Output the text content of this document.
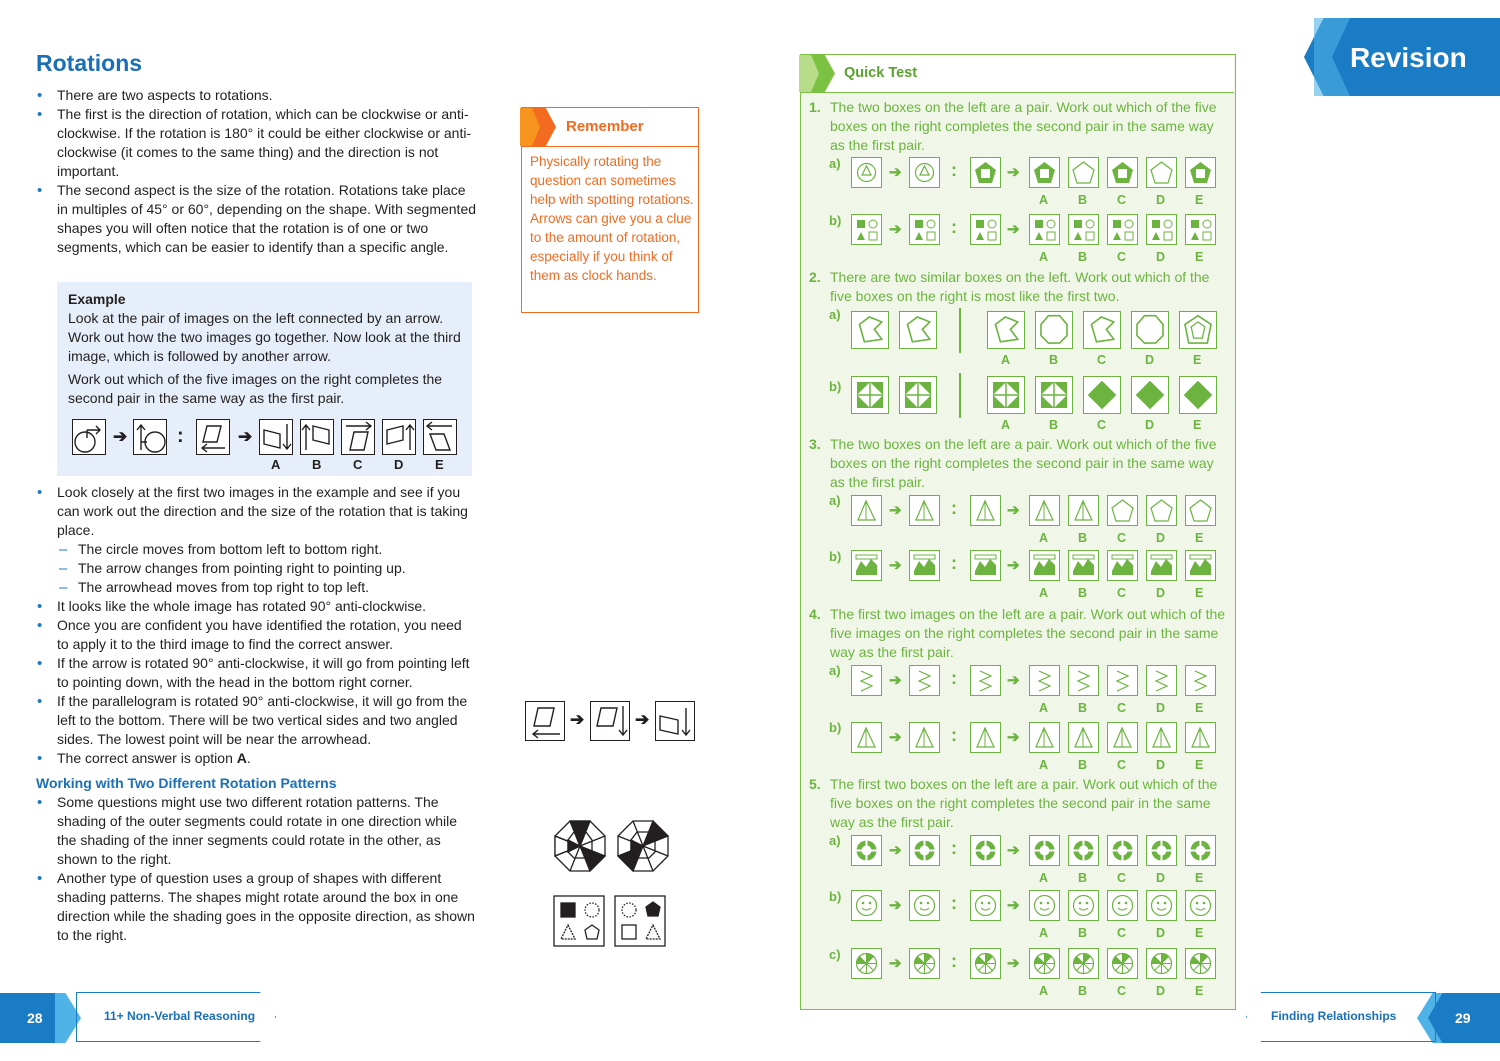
Rotations
• There are two aspects to rotations.
• The first is the direction of rotation, which can be clockwise or anti-clockwise. If the rotation is 180° it could be either clockwise or anti-clockwise (it comes to the same thing) and the direction is not important.
• The second aspect is the size of the rotation. Rotations take place in multiples of 45° or 60°, depending on the shape. With segmented shapes you will often notice that the rotation is of one or two segments, which can be easier to identify than a specific angle.
Example
Look at the pair of images on the left connected by an arrow. Work out how the two images go together. Now look at the third image, which is followed by another arrow.
Work out which of the five images on the right completes the second pair in the same way as the first pair.
➔ :	➔
A B C D E
• Look closely at the first two images in the example and see if you can work out the direction and the size of the rotation that is taking place.
– The circle moves from bottom left to bottom right.
– The arrow changes from pointing right to pointing up.
– The arrowhead moves from top right to top left.
• It looks like the whole image has rotated 90° anti-clockwise.
• Once you are confident you have identified the rotation, you need to apply it to the third image to find the correct answer.
• If the arrow is rotated 90° anti-clockwise, it will go from pointing left to pointing down, with the head in the bottom right corner.
• If the parallelogram is rotated 90° anti-clockwise, it will go from the left to the bottom. There will be two vertical sides and two angled sides. The lowest point will be near the arrowhead.
• The correct answer is option A.
Working with Two Different Rotation Patterns
• Some questions might use two different rotation patterns. The shading of the outer segments could rotate in one direction while the shading of the inner segments could rotate in the other, as shown to the right.
• Another type of question uses a group of shapes with different shading patterns. The shapes might rotate around the box in one direction while the shading goes in the opposite direction, as shown to the right.
Remember
Physically rotating the question can sometimes help with spotting rotations. Arrows can give you a clue to the amount of rotation, especially if you think of them as clock hands.
➔	➔
Revision
Quick Test
1. The two boxes on the left are a pair. Work out which of the five boxes on the right completes the second pair in the same way as the first pair.
a)
b)
2. There are two similar boxes on the left. Work out which of the five boxes on the right is most like the first two.
a)
b)
3. The two boxes on the left are a pair. Work out which of the five boxes on the right completes the second pair in the same way as the first pair.
a)
b)
4. The first two images on the left are a pair. Work out which of the five images on the right completes the second pair in the same way as the first pair.
a)
b)
5. The first two boxes on the left are a pair. Work out which of the five boxes on the right completes the second pair in the same way as the first pair.
a)
b)
c)
➔	:	➔
A B C D E
➔	:	➔
A B C D E
A	B	C	D	E
A	B	C	D	E
➔	:	➔
A B C D E
➔	:	➔
A B C D E
➔	:	➔
A B C D E
➔	:	➔
A B C D E
➔	:	➔
A B C D E
➔	:	➔
A B C D E
➔	:	➔
A B C D E
28	11+ Non-Verbal Reasoning	Finding Relationships	29
